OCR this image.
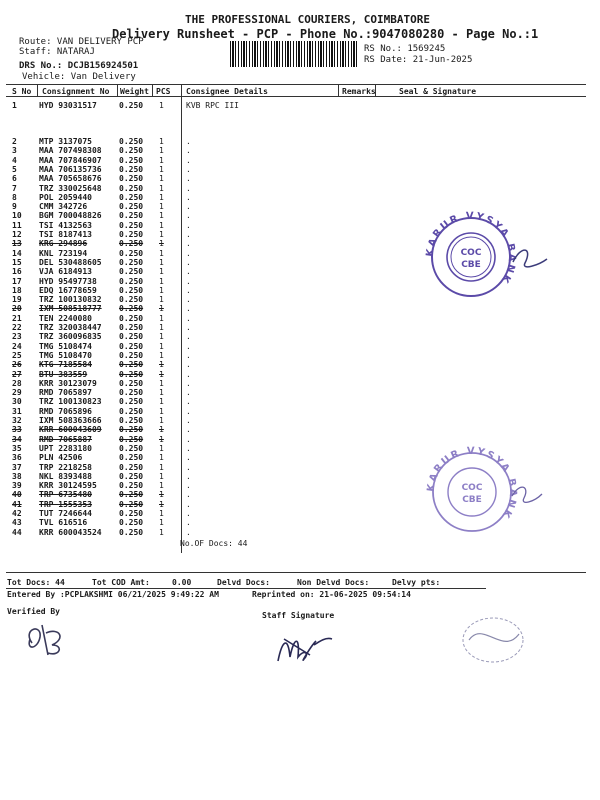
THE PROFESSIONAL COURIERS, COIMBATORE
Delivery Runsheet - PCP - Phone No.:9047080280 - Page No.:1
Route: VAN DELIVERY PCP
Staff: NATARAJ
DRS No.: DCJB156924501
Vehicle: Van Delivery
RS No.: 1569245
RS Date: 21-Jun-2025
S No Consignment No Weight PCS Consignee Details	Remarks	Seal & Signature
1	HYD 93031517	0.250 1	KVB RPC III
2	MTP 3137075	0.250 1	.
3	MAA 707498308 0.250 1	.
4	MAA 707846907 0.250 1	.
5	MAA 706135736 0.250 1	.
6	MAA 705658676 0.250 1	.
7	TRZ 330025648 0.250 1	.
8	POL 2059440	0.250 1	.
9	CMM 342726	0.250 1	.
10 BGM 700048826 0.250 1	.
11 TSI 4132563	0.250 1	.
12 TSI 8187413	0.250 1	.
13 KRG 294896	0.250 1	.
14 KNL 723194	0.250 1	.
15 DEL 530488605 0.250 1	.
16 VJA 6184913	0.250 1	.
17 HYD 95497738	0.250 1	.
18 EDQ 16778659	0.250 1	.
19 TRZ 100130832 0.250 1	.
20 IXM 508518777 0.250 1	.
21 TEN 2240080	0.250 1	.
22 TRZ 320038447 0.250 1	.
23 TRZ 360096835 0.250 1	.
24 TMG 5108474	0.250 1	.
25 TMG 5108470	0.250 1	.
26 KTG 7185584	0.250 1	.
27 BTU 383559	0.250 1	.
28 KRR 30123079	0.250 1	.
29 RMD 7065897	0.250 1	.
30 TRZ 100130823 0.250 1	.
31 RMD 7065896	0.250 1	.
32 IXM 508363666 0.250 1	.
33 KRR 600043609 0.250 1	.
34 RMD 7065887	0.250 1	.
35 UPT 2283180	0.250 1	.
36 PLN 42506	0.250 1	.
37 TRP 2218258	0.250 1	.
38 NKL 8393488	0.250 1	.
39 KRR 30124595	0.250 1	.
40 TRP 6735480	0.250 1	.
41 TRP 1555353	0.250 1	.
42 TUT 7246644	0.250 1	.
43 TVL 616516	0.250 1	.
44 KRR 600043524 0.250 1	.
No.OF Docs: 44
Tot Docs: 44	Tot COD Amt:	0.00	Delvd Docs:	Non Delvd Docs:	Delvy pts:
Entered By :PCPLAKSHMI 06/21/2025 9:49:22 AM	Reprinted on: 21-06-2025 09:54:14
Verified By	Staff Signature
KARUR VYSYA BANK
COC
CBE
KARUR VYSYA BANK
COC
CBE
